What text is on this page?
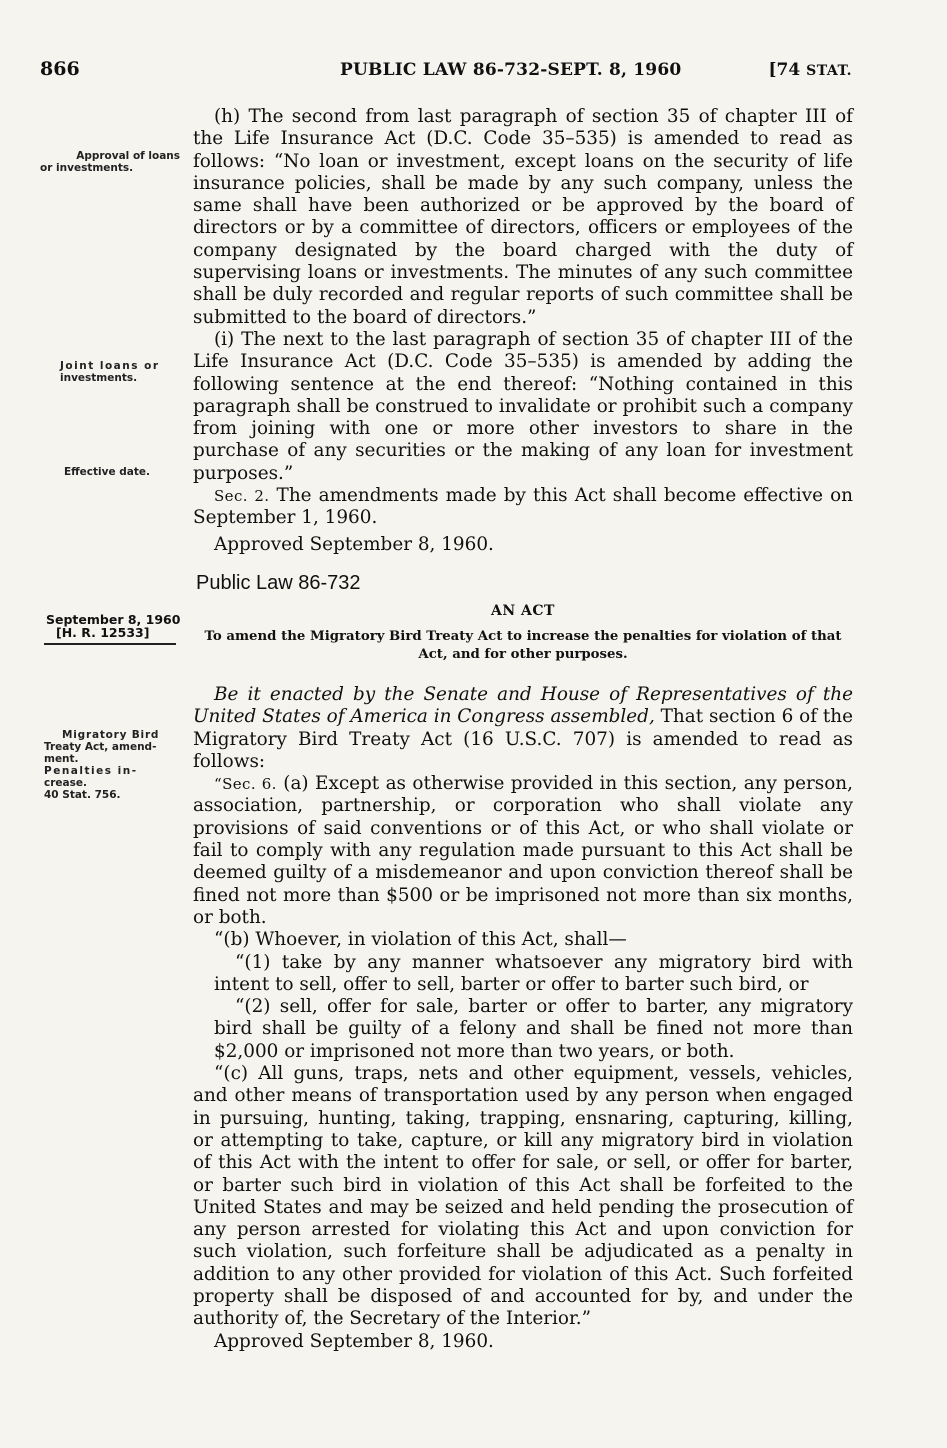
866	PUBLIC LAW 86-732-SEPT. 8, 1960	[74 STAT.
Approval of loans
or investments.
Joint loans or
investments.
Effective date.
September 8, 1960
[H. R. 12533]
Migratory Bird
Treaty Act, amend-
ment.
Penalties in-
crease.
40 Stat. 756.

(h) The second from last paragraph of section 35 of chapter III of the Life Insurance Act (D.C. Code 35–535) is amended to read as follows: “No loan or investment, except loans on the security of life insurance policies, shall be made by any such company, unless the same shall have been authorized or be approved by the board of directors or by a committee of directors, officers or employees of the company designated by the board charged with the duty of supervising loans or investments. The minutes of any such committee shall be duly recorded and regular reports of such committee shall be submitted to the board of directors.”

(i) The next to the last paragraph of section 35 of chapter III of the Life Insurance Act (D.C. Code 35–535) is amended by adding the following sentence at the end thereof: “Nothing contained in this paragraph shall be construed to invalidate or prohibit such a company from joining with one or more other investors to share in the purchase of any securities or the making of any loan for investment purposes.”

Sec. 2. The amendments made by this Act shall become effective on September 1, 1960.

Approved September 8, 1960.

Public Law 86-732
AN ACT
To amend the Migratory Bird Treaty Act to increase the penalties for violation of that Act, and for other purposes.

Be it enacted by the Senate and House of Representatives of the United States of America in Congress assembled, That section 6 of the Migratory Bird Treaty Act (16 U.S.C. 707) is amended to read as follows:

“Sec. 6. (a) Except as otherwise provided in this section, any person, association, partnership, or corporation who shall violate any provisions of said conventions or of this Act, or who shall violate or fail to comply with any regulation made pursuant to this Act shall be deemed guilty of a misdemeanor and upon conviction thereof shall be fined not more than $500 or be imprisoned not more than six months, or both.

“(b) Whoever, in violation of this Act, shall—

“(1) take by any manner whatsoever any migratory bird with intent to sell, offer to sell, barter or offer to barter such bird, or

“(2) sell, offer for sale, barter or offer to barter, any migratory bird shall be guilty of a felony and shall be fined not more than $2,000 or imprisoned not more than two years, or both.

“(c) All guns, traps, nets and other equipment, vessels, vehicles, and other means of transportation used by any person when engaged in pursuing, hunting, taking, trapping, ensnaring, capturing, killing, or attempting to take, capture, or kill any migratory bird in violation of this Act with the intent to offer for sale, or sell, or offer for barter, or barter such bird in violation of this Act shall be forfeited to the United States and may be seized and held pending the prosecution of any person arrested for violating this Act and upon conviction for such violation, such forfeiture shall be adjudicated as a penalty in addition to any other provided for violation of this Act. Such forfeited property shall be disposed of and accounted for by, and under the authority of, the Secretary of the Interior.”

Approved September 8, 1960.
